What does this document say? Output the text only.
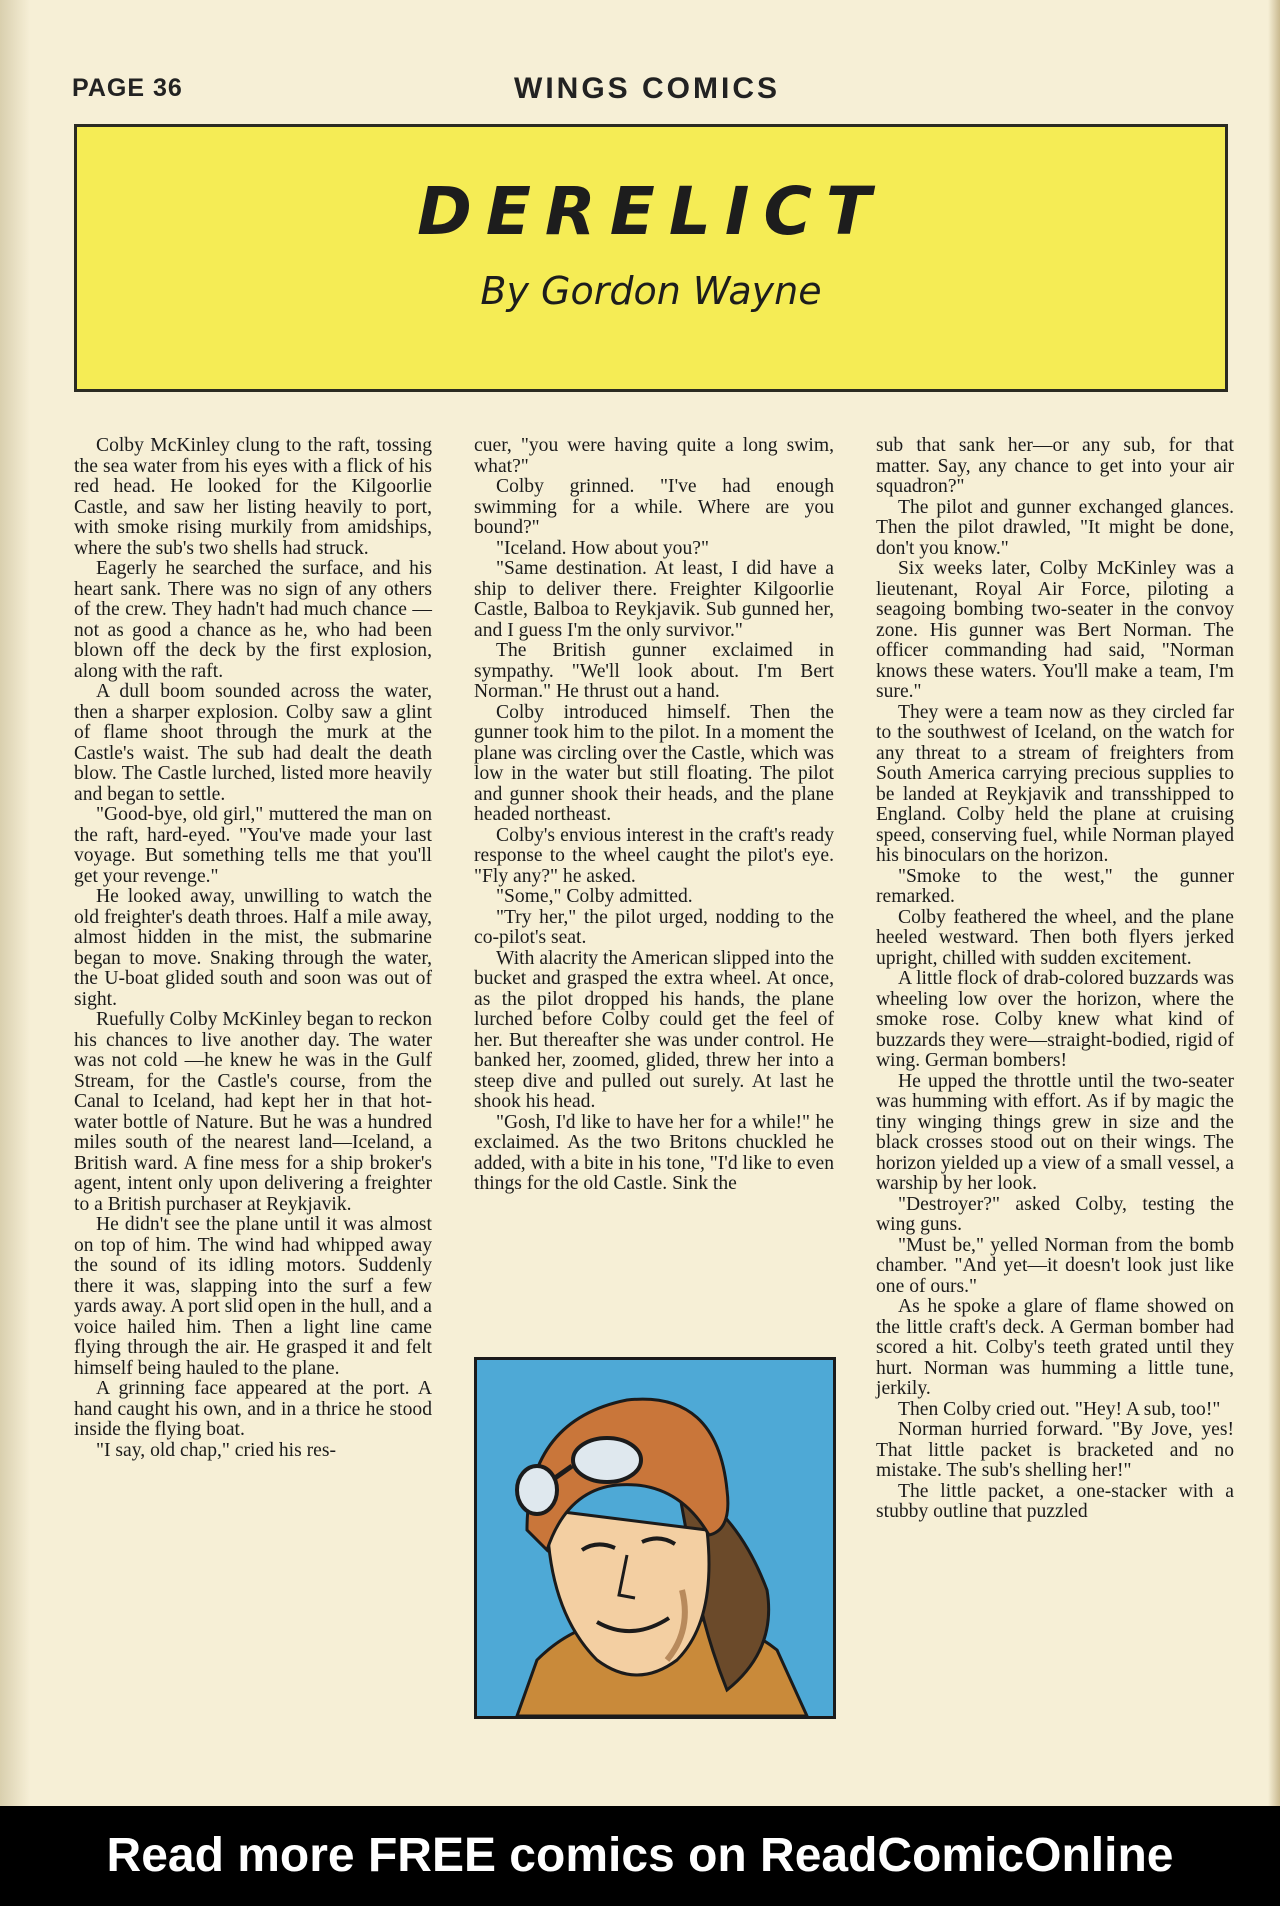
PAGE 36	WINGS COMICS
DERELICT
By Gordon Wayne

Colby McKinley clung to the raft, tossing the sea water from his eyes with a flick of his red head. He looked for the Kilgoorlie Castle, and saw her listing heavily to port, with smoke rising murkily from amidships, where the sub's two shells had struck.

Eagerly he searched the surface, and his heart sank. There was no sign of any others of the crew. They hadn't had much chance — not as good a chance as he, who had been blown off the deck by the first explosion, along with the raft.

A dull boom sounded across the water, then a sharper explosion. Colby saw a glint of flame shoot through the murk at the Castle's waist. The sub had dealt the death blow. The Castle lurched, listed more heavily and began to settle.

"Good-bye, old girl," muttered the man on the raft, hard-eyed. "You've made your last voyage. But something tells me that you'll get your revenge."

He looked away, unwilling to watch the old freighter's death throes. Half a mile away, almost hidden in the mist, the submarine began to move. Snaking through the water, the U-boat glided south and soon was out of sight.

Ruefully Colby McKinley began to reckon his chances to live another day. The water was not cold —he knew he was in the Gulf Stream, for the Castle's course, from the Canal to Iceland, had kept her in that hot-water bottle of Nature. But he was a hundred miles south of the nearest land—Iceland, a British ward. A fine mess for a ship broker's agent, intent only upon delivering a freighter to a British purchaser at Reykjavik.

He didn't see the plane until it was almost on top of him. The wind had whipped away the sound of its idling motors. Suddenly there it was, slapping into the surf a few yards away. A port slid open in the hull, and a voice hailed him. Then a light line came flying through the air. He grasped it and felt himself being hauled to the plane.

A grinning face appeared at the port. A hand caught his own, and in a thrice he stood inside the flying boat.

"I say, old chap," cried his res-

cuer, "you were having quite a long swim, what?"

Colby grinned. "I've had enough swimming for a while. Where are you bound?"

"Iceland. How about you?"

"Same destination. At least, I did have a ship to deliver there. Freighter Kilgoorlie Castle, Balboa to Reykjavik. Sub gunned her, and I guess I'm the only survivor."

The British gunner exclaimed in sympathy. "We'll look about. I'm Bert Norman." He thrust out a hand.

Colby introduced himself. Then the gunner took him to the pilot. In a moment the plane was circling over the Castle, which was low in the water but still floating. The pilot and gunner shook their heads, and the plane headed northeast.

Colby's envious interest in the craft's ready response to the wheel caught the pilot's eye. "Fly any?" he asked.

"Some," Colby admitted.

"Try her," the pilot urged, nodding to the co-pilot's seat.

With alacrity the American slipped into the bucket and grasped the extra wheel. At once, as the pilot dropped his hands, the plane lurched before Colby could get the feel of her. But thereafter she was under control. He banked her, zoomed, glided, threw her into a steep dive and pulled out surely. At last he shook his head.

"Gosh, I'd like to have her for a while!" he exclaimed. As the two Britons chuckled he added, with a bite in his tone, "I'd like to even things for the old Castle. Sink the

sub that sank her—or any sub, for that matter. Say, any chance to get into your air squadron?"

The pilot and gunner exchanged glances. Then the pilot drawled, "It might be done, don't you know."

Six weeks later, Colby McKinley was a lieutenant, Royal Air Force, piloting a seagoing bombing two-seater in the convoy zone. His gunner was Bert Norman. The officer commanding had said, "Norman knows these waters. You'll make a team, I'm sure."

They were a team now as they circled far to the southwest of Iceland, on the watch for any threat to a stream of freighters from South America carrying precious supplies to be landed at Reykjavik and transshipped to England. Colby held the plane at cruising speed, conserving fuel, while Norman played his binoculars on the horizon.

"Smoke to the west," the gunner remarked.

Colby feathered the wheel, and the plane heeled westward. Then both flyers jerked upright, chilled with sudden excitement.

A little flock of drab-colored buzzards was wheeling low over the horizon, where the smoke rose. Colby knew what kind of buzzards they were—straight-bodied, rigid of wing. German bombers!

He upped the throttle until the two-seater was humming with effort. As if by magic the tiny winging things grew in size and the black crosses stood out on their wings. The horizon yielded up a view of a small vessel, a warship by her look.

"Destroyer?" asked Colby, testing the wing guns.

"Must be," yelled Norman from the bomb chamber. "And yet—it doesn't look just like one of ours."

As he spoke a glare of flame showed on the little craft's deck. A German bomber had scored a hit. Colby's teeth grated until they hurt. Norman was humming a little tune, jerkily.

Then Colby cried out. "Hey! A sub, too!"

Norman hurried forward. "By Jove, yes! That little packet is bracketed and no mistake. The sub's shelling her!"

The little packet, a one-stacker with a stubby outline that puzzled

Read more FREE comics on ReadComicOnline
